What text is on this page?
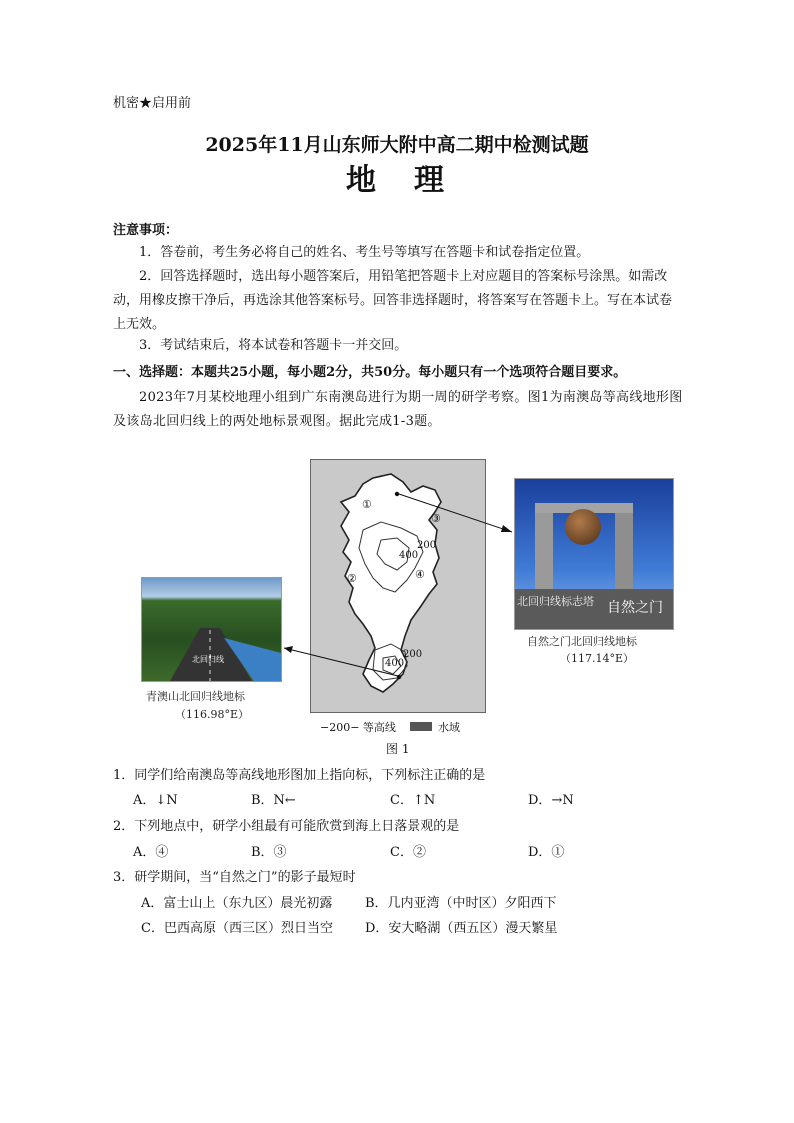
机密★启用前
2025年11月山东师大附中高二期中检测试题
地　理
注意事项：
1．答卷前，考生务必将自己的姓名、考生号等填写在答题卡和试卷指定位置。
2．回答选择题时，选出每小题答案后，用铅笔把答题卡上对应题目的答案标号涂黑。如需改动，用橡皮擦干净后，再选涂其他答案标号。回答非选择题时，将答案写在答题卡上。写在本试卷上无效。
3．考试结束后，将本试卷和答题卡一并交回。
一、选择题：本题共25小题，每小题2分，共50分。每小题只有一个选项符合题目要求。
2023年7月某校地理小组到广东南澳岛进行为期一周的研学考察。图1为南澳岛等高线地形图及该岛北回归线上的两处地标景观图。据此完成1-3题。
①
③
②	④
200
400
200
400
北回归线标志塔 自然之门
自然之门北回归线地标
（117.14°E）
北回归线
青澳山北回归线地标
（116.98°E）
−200− 等高线	水域
图 1
1．同学们给南澳岛等高线地形图加上指向标，下列标注正确的是
A．↓N	B．N←	C．↑N	D．→N
2．下列地点中，研学小组最有可能欣赏到海上日落景观的是
A．④	B．③	C．②	D．①
3．研学期间，当“自然之门”的影子最短时
A．富士山上（东九区）晨光初露	B．几内亚湾（中时区）夕阳西下
C．巴西高原（西三区）烈日当空 D．安大略湖（西五区）漫天繁星
